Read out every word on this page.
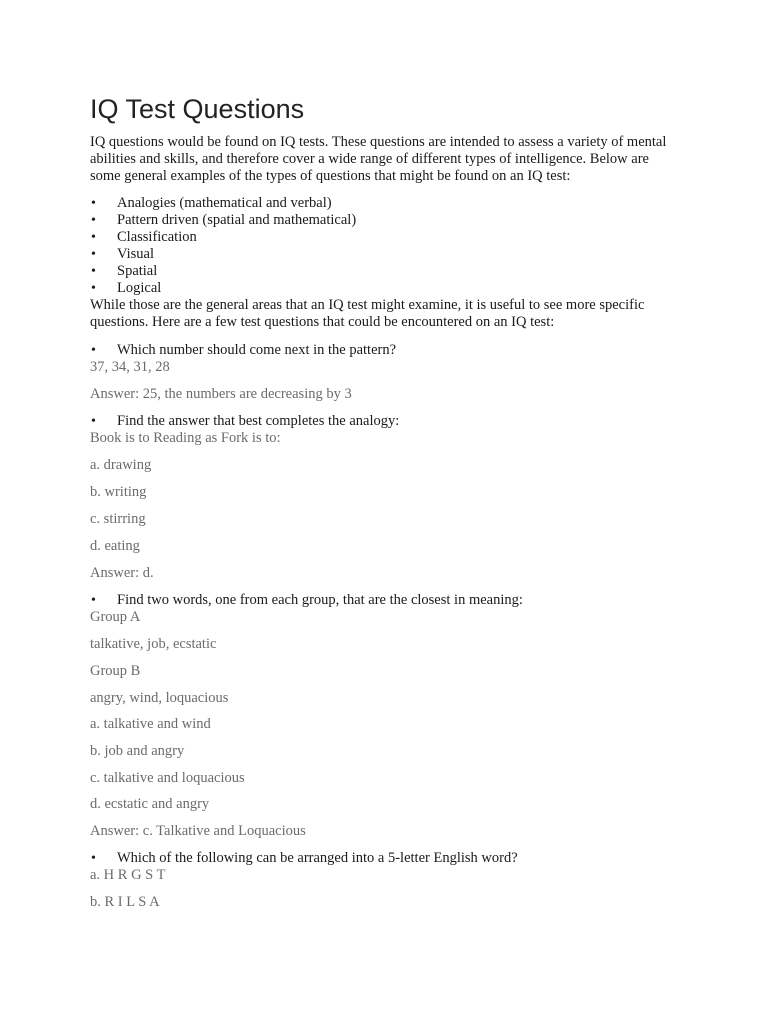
IQ Test Questions

IQ questions would be found on IQ tests. These questions are intended to assess a variety of mental abilities and skills, and therefore cover a wide range of different types of intelligence. Below are some general examples of the types of questions that might be found on an IQ test:

• Analogies (mathematical and verbal)
• Pattern driven (spatial and mathematical)
• Classification
• Visual
• Spatial
• Logical

While those are the general areas that an IQ test might examine, it is useful to see more specific questions. Here are a few test questions that could be encountered on an IQ test:

• Which number should come next in the pattern?

37, 34, 31, 28

Answer: 25, the numbers are decreasing by 3

• Find the answer that best completes the analogy:

Book is to Reading as Fork is to:

a. drawing

b. writing

c. stirring

d. eating

Answer: d.

• Find two words, one from each group, that are the closest in meaning:

Group A

talkative, job, ecstatic

Group B

angry, wind, loquacious

a. talkative and wind

b. job and angry

c. talkative and loquacious

d. ecstatic and angry

Answer: c. Talkative and Loquacious

• Which of the following can be arranged into a 5-letter English word?

a. H R G S T

b. R I L S A
